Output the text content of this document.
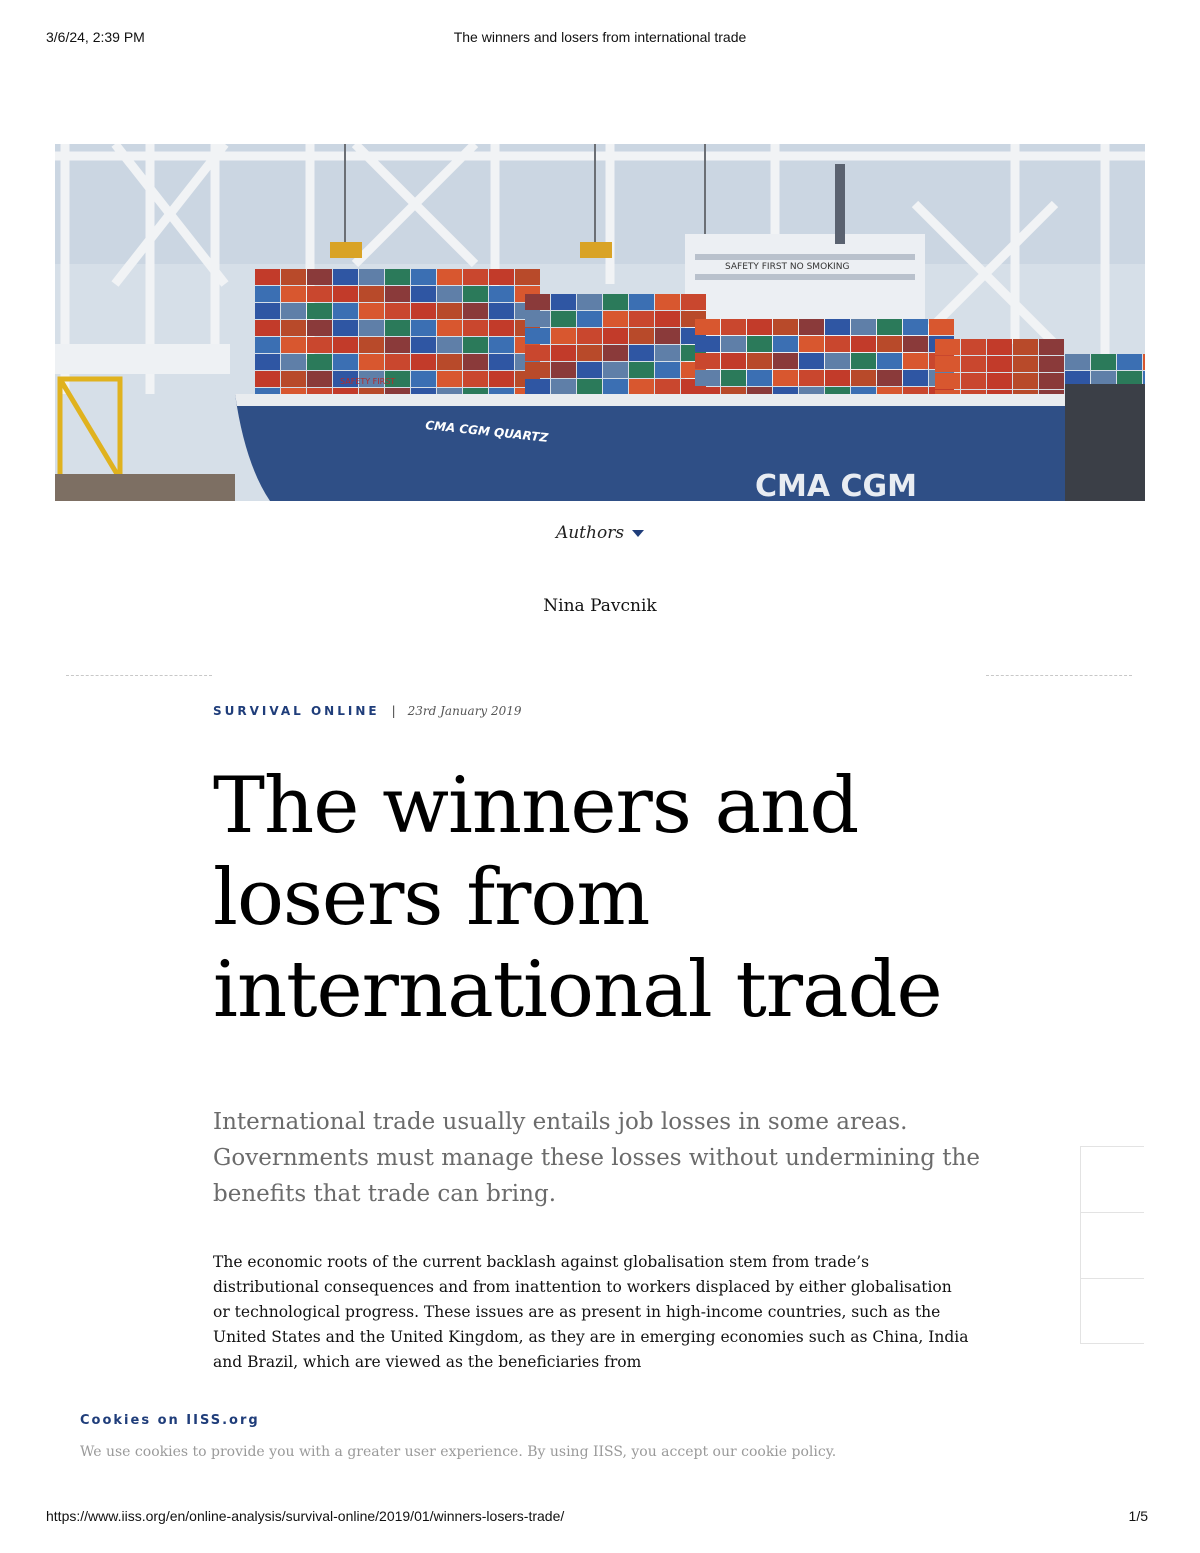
3/6/24, 2:39 PM	The winners and losers from international trade
SAFETY FIRST NO SMOKING
CMA CGM QUARTZ
CMA CGM
SAFETY FIRST
Authors
Nina Pavcnik
SURVIVAL ONLINE | 23rd January 2019
The winners and losers from international trade

International trade usually entails job losses in some areas. Governments must manage these losses without undermining the benefits that trade can bring.

The economic roots of the current backlash against globalisation stem from trade’s distributional consequences and from inattention to workers displaced by either globalisation or technological progress. These issues are as present in high-income countries, such as the United States and the United Kingdom, as they are in emerging economies such as China, India and Brazil, which are viewed as the beneficiaries from

Cookies on IISS.org
We use cookies to provide you with a greater user experience. By using IISS, you accept our cookie policy.
https://www.iiss.org/en/online-analysis/survival-online/2019/01/winners-losers-trade/	1/5
